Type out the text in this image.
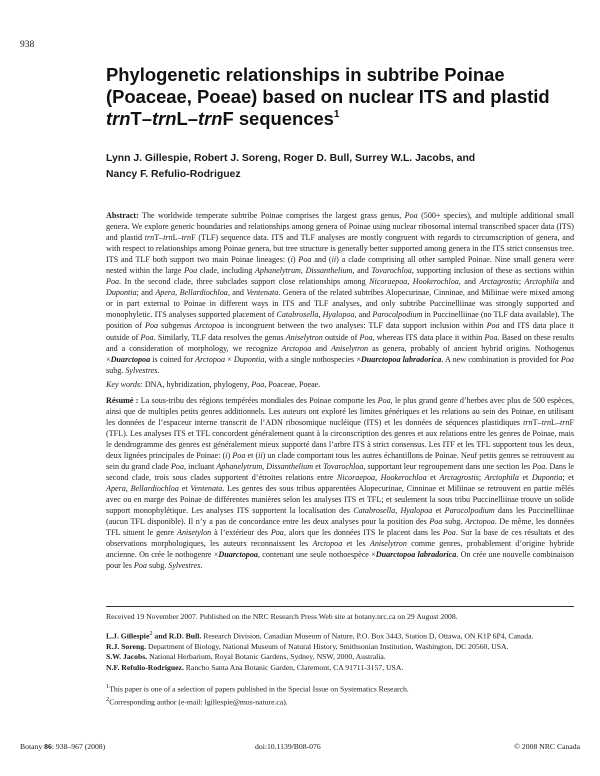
938
Phylogenetic relationships in subtribe Poinae
(Poaceae, Poeae) based on nuclear ITS and plastid
trnT–trnL–trnF sequences$^1$
Lynn J. Gillespie, Robert J. Soreng, Roger D. Bull, Surrey W.L. Jacobs, and
Nancy F. Refulio-Rodriguez

Abstract: The worldwide temperate subtribe Poinae comprises the largest grass genus, Poa (500+ species), and multiple additional small genera. We explore generic boundaries and relationships among genera of Poinae using nuclear ribosomal internal transcribed spacer data (ITS) and plastid trnT–trnL–trnF (TLF) sequence data. ITS and TLF analyses are mostly congruent with regards to circumscription of genera, and with respect to relationships among Poinae genera, but tree structure is generally better supported among genera in the ITS strict consensus tree. ITS and TLF both support two main Poinae lineages: (i) Poa and (ii) a clade comprising all other sampled Poinae. Nine small genera were nested within the large Poa clade, including Aphanelytrum, Dissanthelium, and Tovarochloa, supporting inclusion of these as sections within Poa. In the second clade, three subclades support close relationships among Nicoraepoa, Hookerochloa, and Arctagrostis; Arctophila and Dupontia; and Apera, Bellardiochloa, and Ventenata. Genera of the related subtribes Alopecurinae, Cinninae, and Miliinae were mixed among or in part external to Poinae in different ways in ITS and TLF analyses, and only subtribe Puccinelliinae was strongly supported and monophyletic. ITS analyses supported placement of Catabrosella, Hyalopoa, and Parocolpodium in Puccinelliinae (no TLF data available). The position of Poa subgenus Arctopoa is incongruent between the two analyses: TLF data support inclusion within Poa and ITS data place it outside of Poa. Similarly, TLF data resolves the genus Aniselytron outside of Poa, whereas ITS data place it within Poa. Based on these results and a consideration of morphology, we recognize Arctopoa and Aniselytron as genera, probably of ancient hybrid origins. Nothogenus ×Duarctopoa is coined for Arctopoa × Dupontia, with a single nothospecies ×Duarctopoa labradorica. A new combination is provided for Poa subg. Sylvestres.

Key words: DNA, hybridization, phylogeny, Poa, Poaceae, Poeae.

Résumé : La sous-tribu des régions tempérées mondiales des Poinae comporte les Poa, le plus grand genre d’herbes avec plus de 500 espèces, ainsi que de multiples petits genres additionnels. Les auteurs ont exploré les limites génériques et les relations au sein des Poinae, en utilisant les données de l’espaceur interne transcrit de l’ADN ribosomique nucléique (ITS) et les données de séquences plastidiques trnT–trnL–trnF (TFL). Les analyses ITS et TFL concordent généralement quant à la circonscription des genres et aux relations entre les genres de Poinae, mais le dendrogramme des genres est généralement mieux supporté dans l’arbre ITS à strict consensus. Les ITF et les TFL supportent tous les deux, deux lignées principales de Poinae: (i) Poa et (ii) un clade comportant tous les autres échantillons de Poinae. Neuf petits genres se retrouvent au sein du grand clade Poa, incluant Aphanelytrum, Dissanthelium et Tovarochloa, supportant leur regroupement dans une section les Poa. Dans le second clade, trois sous clades supportent d’étroites relations entre Nicoraepoa, Hookerochloa et Arctagrostis; Arctophila et Dupontia; et Apera, Bellardiochloa et Ventenata. Les genres des sous tribus apparentées Alopecurinae, Cinninae et Miliinae se retrouvent en partie mêlés avec ou en marge des Poinae de différentes manières selon les analyses ITS et TFL; et seulement la sous tribu Puccinelliinae trouve un solide support monophylétique. Les analyses ITS supportent la localisation des Catabrosella, Hyalopoa et Parocolpodium dans les Puccinelliinae (aucun TFL disponible). Il n’y a pas de concordance entre les deux analyses pour la position des Poa subg. Arctopoa. De même, les données TFL situent le genre Anisetylon à l’extérieur des Poa, alors que les données ITS le placent dans les Poa. Sur la base de ces résultats et des observations morphologiques, les auteurs reconnaissent les Arctopoa et les Aniselytron comme genres, probablement d’origine hybride ancienne. On crée le nothogenre ×Duarctopoa, contenant une seule nothoespèce ×Duarctopoa labradorica. On crée une nouvelle combinaison pour les Poa subg. Sylvestres.

Received 19 November 2007. Published on the NRC Research Press Web site at botany.nrc.ca on 29 August 2008.

L.J. Gillespie$^2$ and R.D. Bull. Research Division, Canadian Museum of Nature, P.O. Box 3443, Station D, Ottawa, ON K1P 6P4, Canada.

R.J. Soreng. Department of Biology, National Museum of Natural History, Smithsonian Institution, Washington, DC 20560, USA.

S.W. Jacobs. National Herbarium, Royal Botanic Gardens, Sydney, NSW, 2000, Australia.

N.F. Refulio-Rodriguez. Rancho Santa Ana Botanic Garden, Claremont, CA 91711-3157, USA.

$^1$This paper is one of a selection of papers published in the Special Issue on Systematics Research.

$^2$Corresponding author (e-mail: lgillespie@mus-nature.ca).

Botany 86: 938–967 (2008)	doi:10.1139/B08-076	© 2008 NRC Canada
